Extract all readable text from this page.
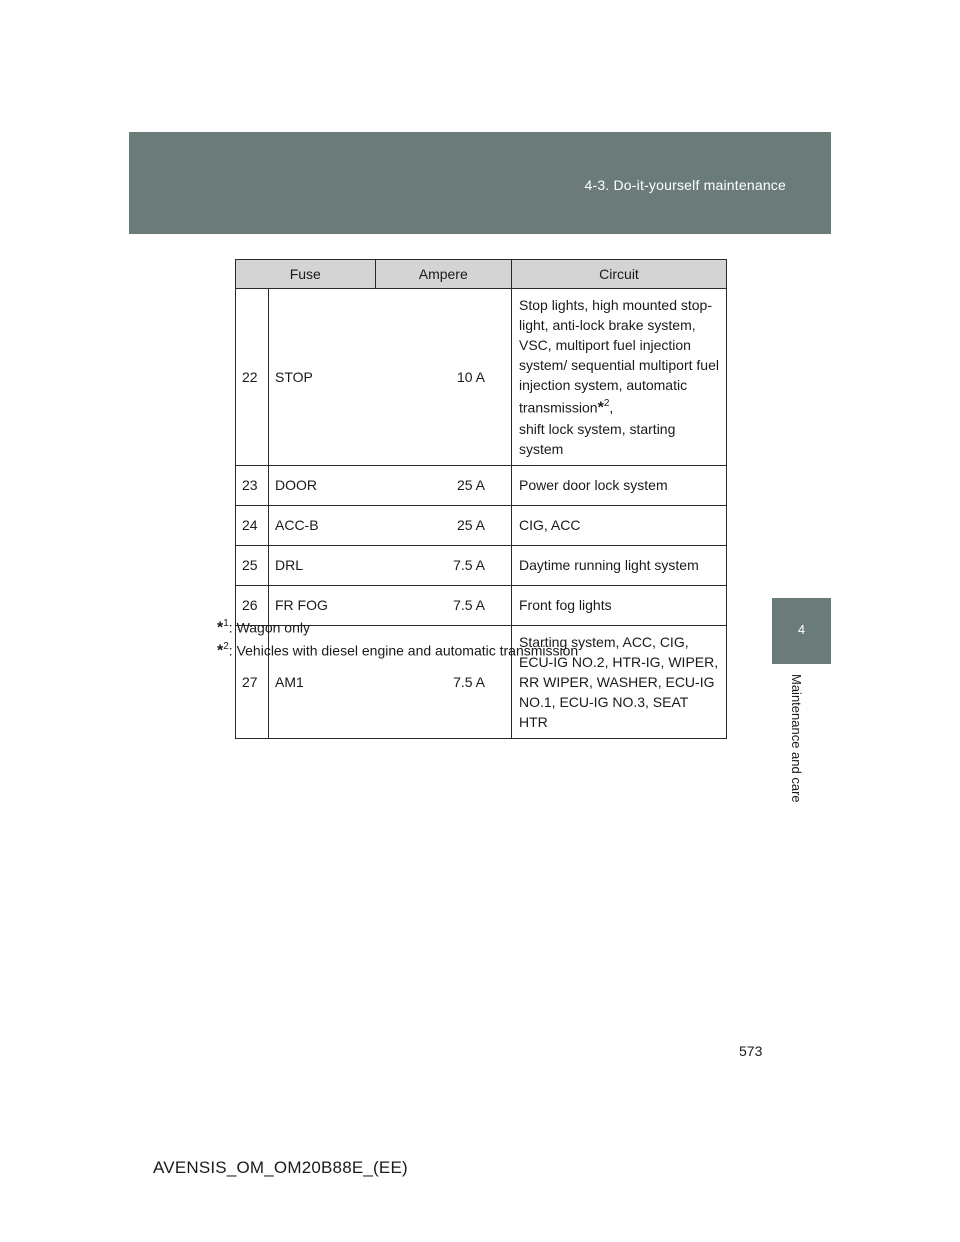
4-3. Do-it-yourself maintenance
4
Maintenance and care
Fuse		Ampere	Circuit
22	STOP	10 A	Stop lights, high mounted stop-light, anti-lock brake system, VSC, multiport fuel injection system/ sequential multiport fuel injection system, automatic transmission*$^2$,
shift lock system, starting system
23	DOOR	25 A	Power door lock system
24	ACC-B	25 A	CIG, ACC
25	DRL	7.5 A	Daytime running light system
26	FR FOG	7.5 A	Front fog lights
27	AM1	7.5 A	Starting system, ACC, CIG, ECU-IG NO.2, HTR-IG, WIPER, RR WIPER, WASHER, ECU-IG NO.1, ECU-IG NO.3, SEAT HTR
*$^1$: Wagon only
*$^2$: Vehicles with diesel engine and automatic transmission
573
AVENSIS_OM_OM20B88E_(EE)
